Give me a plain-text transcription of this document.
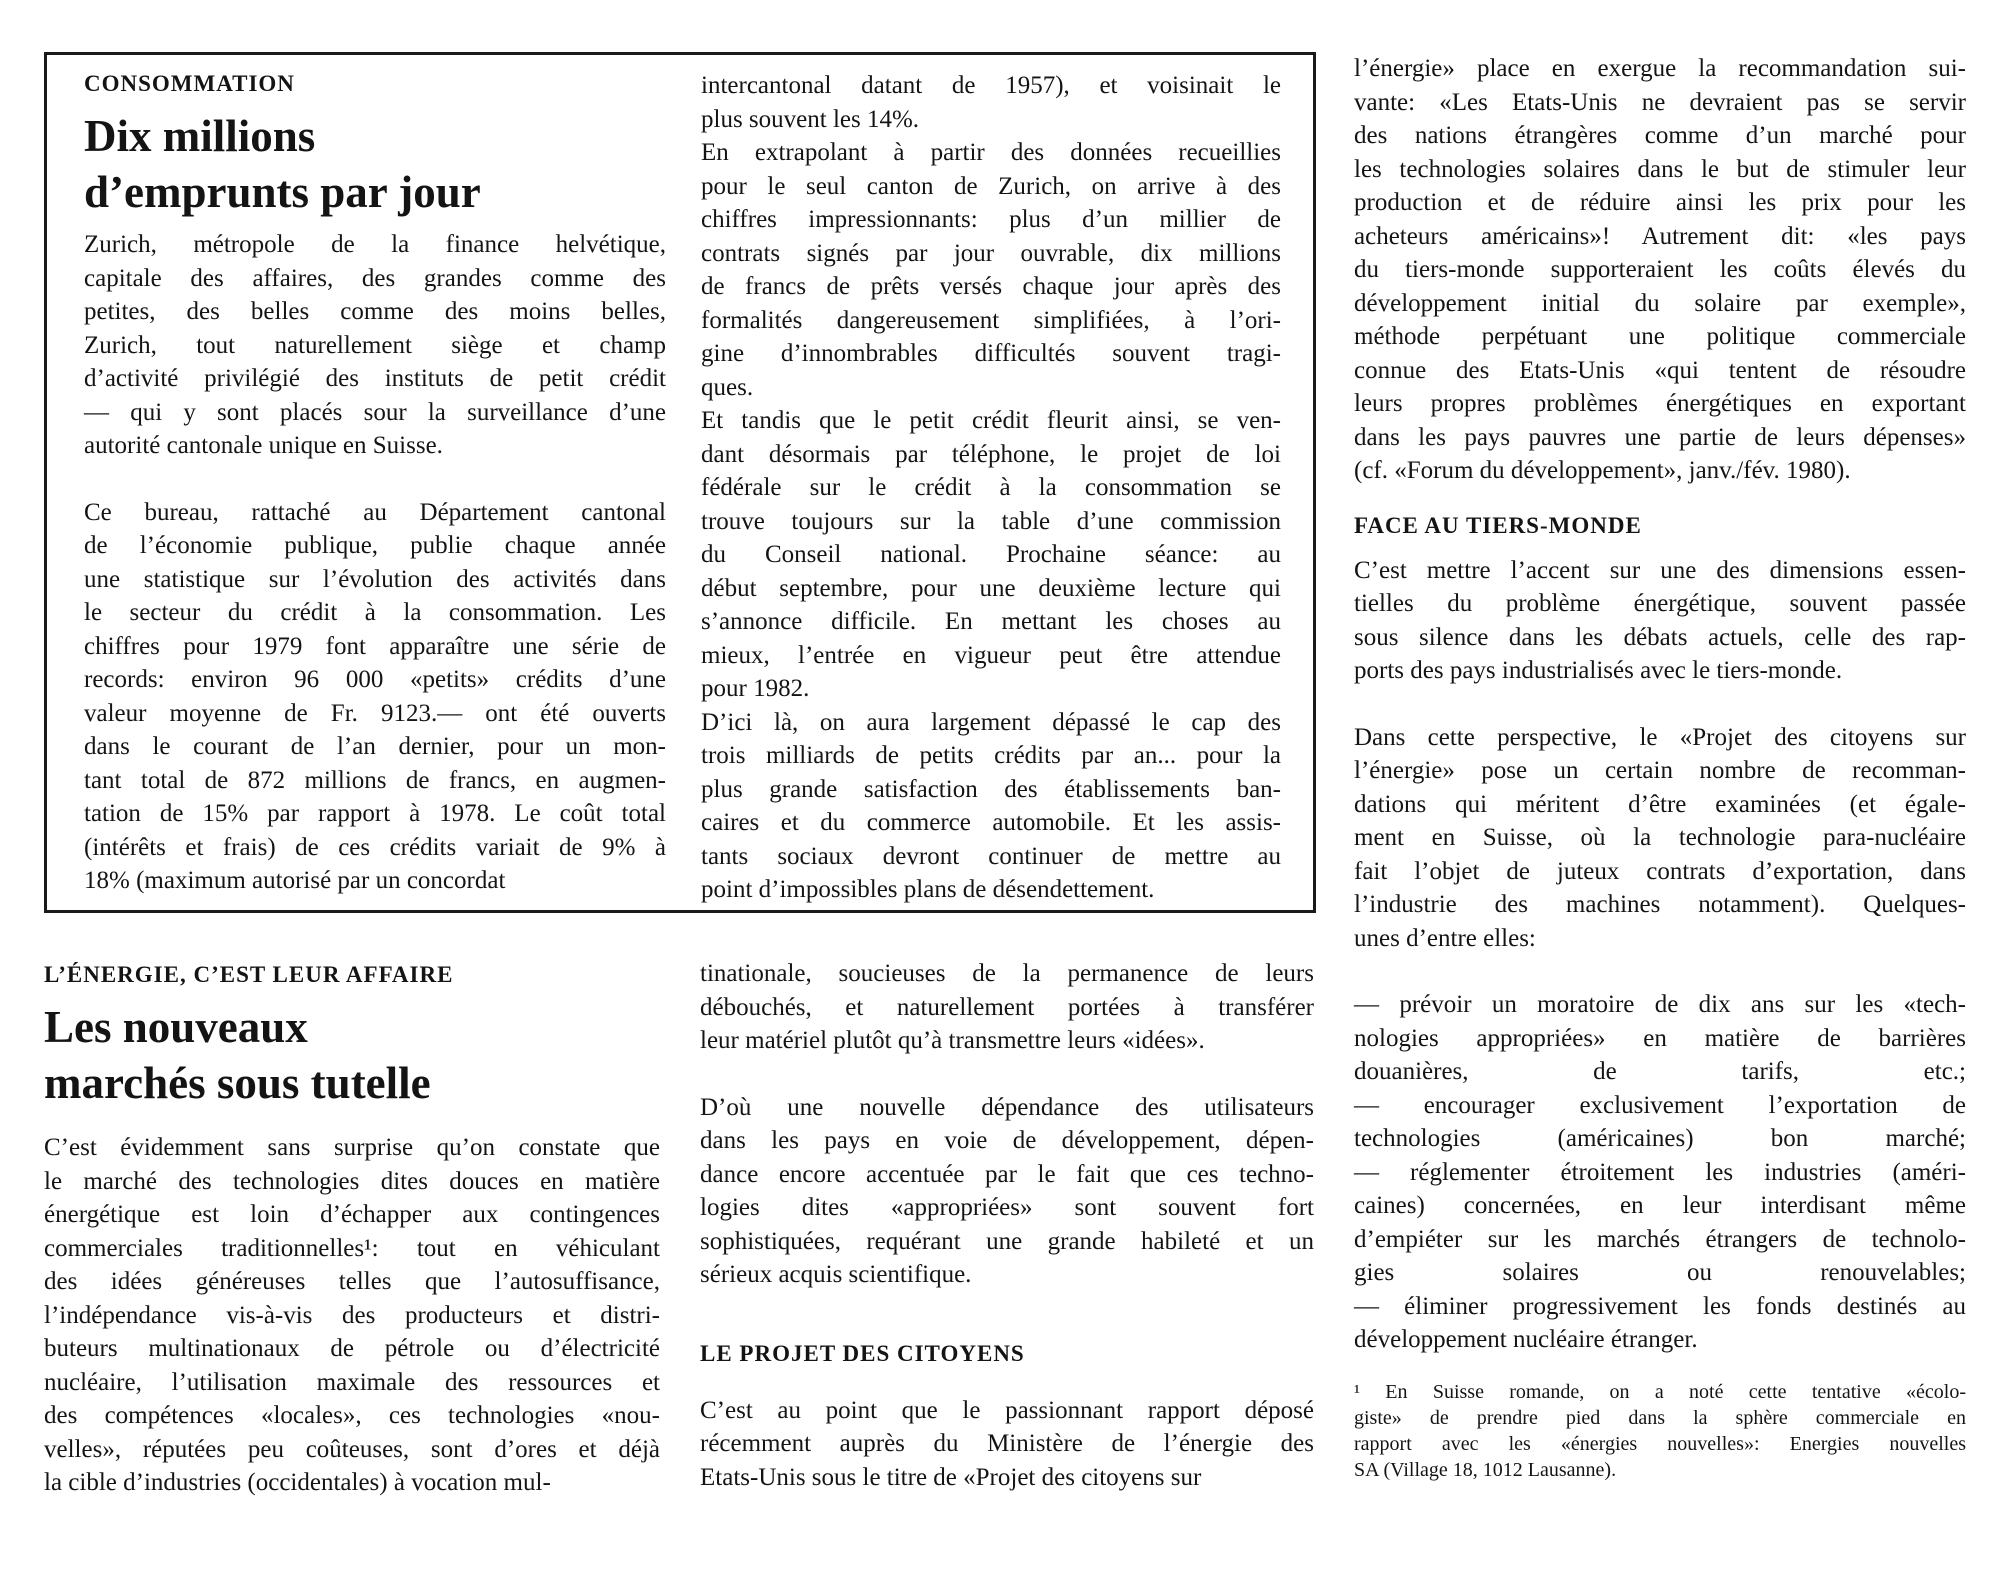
CONSOMMATION
Dix millions
d’emprunts par jour

Zurich, métropole de la finance helvétique,
capitale des affaires, des grandes comme des
petites, des belles comme des moins belles,
Zurich, tout naturellement siège et champ
d’activité privilégié des instituts de petit crédit
— qui y sont placés sour la surveillance d’une
autorité cantonale unique en Suisse.

Ce bureau, rattaché au Département cantonal
de l’économie publique, publie chaque année
une statistique sur l’évolution des activités dans
le secteur du crédit à la consommation. Les
chiffres pour 1979 font apparaître une série de
records: environ 96 000 «petits» crédits d’une
valeur moyenne de Fr. 9123.— ont été ouverts
dans le courant de l’an dernier, pour un mon-
tant total de 872 millions de francs, en augmen-
tation de 15% par rapport à 1978. Le coût total
(intérêts et frais) de ces crédits variait de 9% à
18% (maximum autorisé par un concordat

intercantonal datant de 1957), et voisinait le
plus souvent les 14%.

En extrapolant à partir des données recueillies
pour le seul canton de Zurich, on arrive à des
chiffres impressionnants: plus d’un millier de
contrats signés par jour ouvrable, dix millions
de francs de prêts versés chaque jour après des
formalités dangereusement simplifiées, à l’ori-
gine d’innombrables difficultés souvent tragi-
ques.

Et tandis que le petit crédit fleurit ainsi, se ven-
dant désormais par téléphone, le projet de loi
fédérale sur le crédit à la consommation se
trouve toujours sur la table d’une commission
du Conseil national. Prochaine séance: au
début septembre, pour une deuxième lecture qui
s’annonce difficile. En mettant les choses au
mieux, l’entrée en vigueur peut être attendue
pour 1982.

D’ici là, on aura largement dépassé le cap des
trois milliards de petits crédits par an... pour la
plus grande satisfaction des établissements ban-
caires et du commerce automobile. Et les assis-
tants sociaux devront continuer de mettre au
point d’impossibles plans de désendettement.

L’ÉNERGIE, C’EST LEUR AFFAIRE
Les nouveaux
marchés sous tutelle

C’est évidemment sans surprise qu’on constate que
le marché des technologies dites douces en matière
énergétique est loin d’échapper aux contingences
commerciales traditionnelles¹: tout en véhiculant
des idées généreuses telles que l’autosuffisance,
l’indépendance vis-à-vis des producteurs et distri-
buteurs multinationaux de pétrole ou d’électricité
nucléaire, l’utilisation maximale des ressources et
des compétences «locales», ces technologies «nou-
velles», réputées peu coûteuses, sont d’ores et déjà
la cible d’industries (occidentales) à vocation mul-

tinationale, soucieuses de la permanence de leurs
débouchés, et naturellement portées à transférer
leur matériel plutôt qu’à transmettre leurs «idées».

D’où une nouvelle dépendance des utilisateurs
dans les pays en voie de développement, dépen-
dance encore accentuée par le fait que ces techno-
logies dites «appropriées» sont souvent fort
sophistiquées, requérant une grande habileté et un
sérieux acquis scientifique.

LE PROJET DES CITOYENS

C’est au point que le passionnant rapport déposé
récemment auprès du Ministère de l’énergie des
Etats-Unis sous le titre de «Projet des citoyens sur

l’énergie» place en exergue la recommandation sui-
vante: «Les Etats-Unis ne devraient pas se servir
des nations étrangères comme d’un marché pour
les technologies solaires dans le but de stimuler leur
production et de réduire ainsi les prix pour les
acheteurs américains»! Autrement dit: «les pays
du tiers-monde supporteraient les coûts élevés du
développement initial du solaire par exemple»,
méthode perpétuant une politique commerciale
connue des Etats-Unis «qui tentent de résoudre
leurs propres problèmes énergétiques en exportant
dans les pays pauvres une partie de leurs dépenses»
(cf. «Forum du développement», janv./fév. 1980).

FACE AU TIERS-MONDE

C’est mettre l’accent sur une des dimensions essen-
tielles du problème énergétique, souvent passée
sous silence dans les débats actuels, celle des rap-
ports des pays industrialisés avec le tiers-monde.

Dans cette perspective, le «Projet des citoyens sur
l’énergie» pose un certain nombre de recomman-
dations qui méritent d’être examinées (et égale-
ment en Suisse, où la technologie para-nucléaire
fait l’objet de juteux contrats d’exportation, dans
l’industrie des machines notamment). Quelques-
unes d’entre elles:

— prévoir un moratoire de dix ans sur les «tech-
nologies appropriées» en matière de barrières
douanières, de tarifs, etc.;
— encourager exclusivement l’exportation de
technologies (américaines) bon marché;
— réglementer étroitement les industries (améri-
caines) concernées, en leur interdisant même
d’empiéter sur les marchés étrangers de technolo-
gies solaires ou renouvelables;
— éliminer progressivement les fonds destinés au
développement nucléaire étranger.

¹ En Suisse romande, on a noté cette tentative «écolo-
giste» de prendre pied dans la sphère commerciale en
rapport avec les «énergies nouvelles»: Energies nouvelles
SA (Village 18, 1012 Lausanne).
